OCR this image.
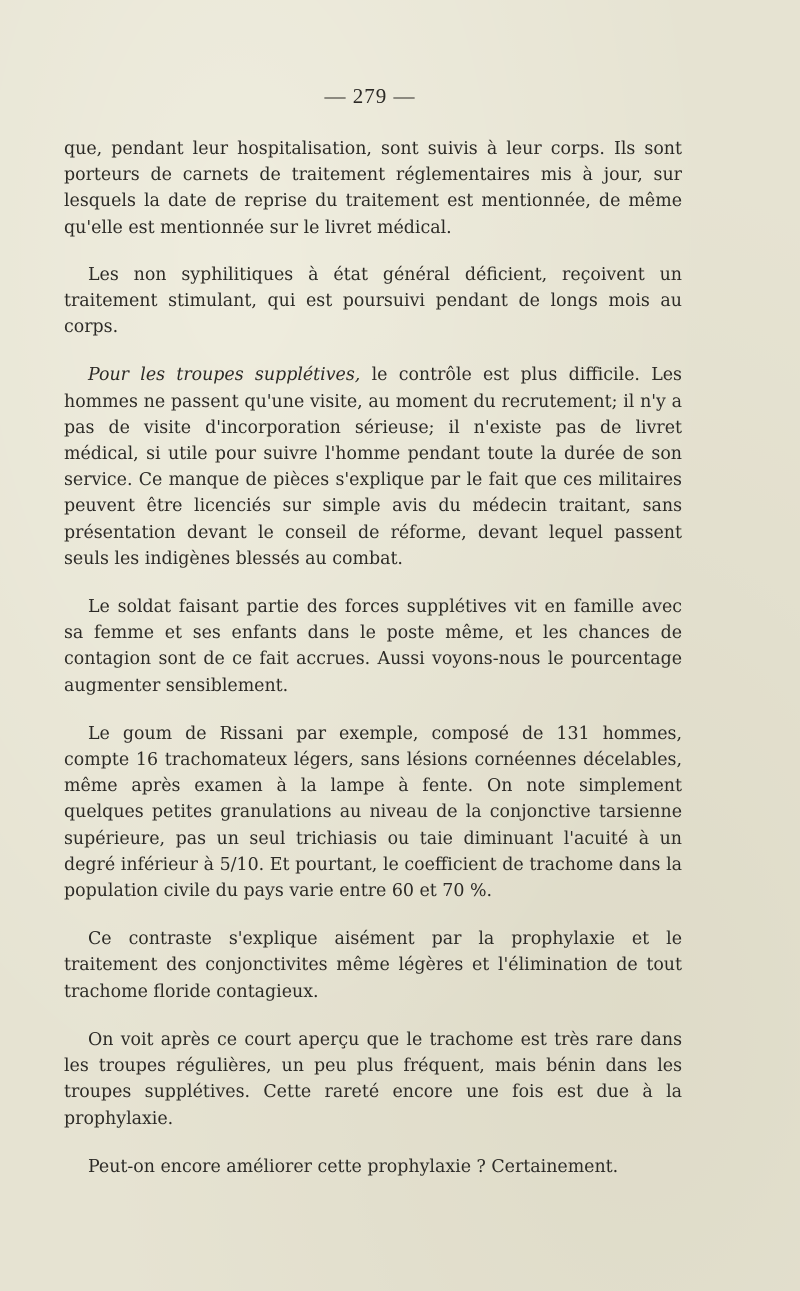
— 279 —

que, pendant leur hospitalisation, sont suivis à leur corps. Ils sont porteurs de carnets de traitement réglementaires mis à jour, sur lesquels la date de reprise du traitement est mentionnée, de même qu'elle est mentionnée sur le livret médical.

Les non syphilitiques à état général déficient, reçoivent un traitement stimulant, qui est poursuivi pendant de longs mois au corps.

Pour les troupes supplétives, le contrôle est plus difficile. Les hommes ne passent qu'une visite, au moment du recrutement; il n'y a pas de visite d'incorporation sérieuse; il n'existe pas de livret médical, si utile pour suivre l'homme pendant toute la durée de son service. Ce manque de pièces s'explique par le fait que ces militaires peuvent être licenciés sur simple avis du médecin traitant, sans présentation devant le conseil de réforme, devant lequel passent seuls les indigènes blessés au combat.

Le soldat faisant partie des forces supplétives vit en famille avec sa femme et ses enfants dans le poste même, et les chances de contagion sont de ce fait accrues. Aussi voyons-nous le pourcentage augmenter sensiblement.

Le goum de Rissani par exemple, composé de 131 hommes, compte 16 trachomateux légers, sans lésions cornéennes décelables, même après examen à la lampe à fente. On note simplement quelques petites granulations au niveau de la conjonctive tarsienne supérieure, pas un seul trichiasis ou taie diminuant l'acuité à un degré inférieur à 5/10. Et pourtant, le coefficient de trachome dans la population civile du pays varie entre 60 et 70 %.

Ce contraste s'explique aisément par la prophylaxie et le traitement des conjonctivites même légères et l'élimination de tout trachome floride contagieux.

On voit après ce court aperçu que le trachome est très rare dans les troupes régulières, un peu plus fréquent, mais bénin dans les troupes supplétives. Cette rareté encore une fois est due à la prophylaxie.

Peut-on encore améliorer cette prophylaxie ? Certainement.
